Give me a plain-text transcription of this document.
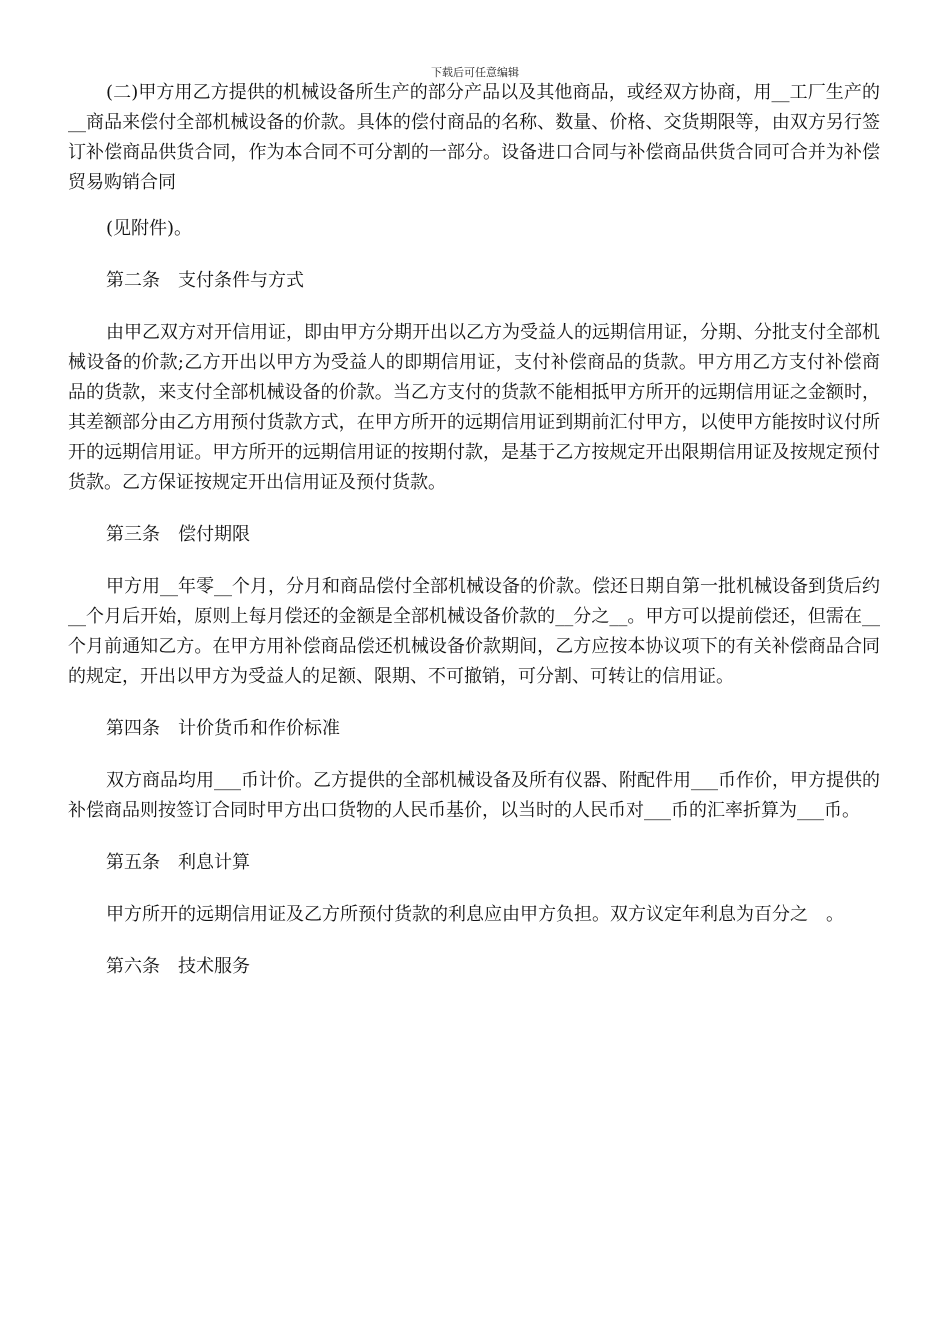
下载后可任意编辑

(二)甲方用乙方提供的机械设备所生产的部分产品以及其他商品，或经双方协商，用__工厂生产的__商品来偿付全部机械设备的价款。具体的偿付商品的名称、数量、价格、交货期限等，由双方另行签订补偿商品供货合同，作为本合同不可分割的一部分。设备进口合同与补偿商品供货合同可合并为补偿贸易购销合同

(见附件)。

第二条　支付条件与方式

由甲乙双方对开信用证，即由甲方分期开出以乙方为受益人的远期信用证，分期、分批支付全部机械设备的价款;乙方开出以甲方为受益人的即期信用证，支付补偿商品的货款。甲方用乙方支付补偿商品的货款，来支付全部机械设备的价款。当乙方支付的货款不能相抵甲方所开的远期信用证之金额时，其差额部分由乙方用预付货款方式，在甲方所开的远期信用证到期前汇付甲方，以使甲方能按时议付所开的远期信用证。甲方所开的远期信用证的按期付款，是基于乙方按规定开出限期信用证及按规定预付货款。乙方保证按规定开出信用证及预付货款。

第三条　偿付期限

甲方用__年零__个月，分月和商品偿付全部机械设备的价款。偿还日期自第一批机械设备到货后约__个月后开始，原则上每月偿还的金额是全部机械设备价款的__分之__。甲方可以提前偿还，但需在__个月前通知乙方。在甲方用补偿商品偿还机械设备价款期间，乙方应按本协议项下的有关补偿商品合同的规定，开出以甲方为受益人的足额、限期、不可撤销，可分割、可转让的信用证。

第四条　计价货币和作价标准

双方商品均用___币计价。乙方提供的全部机械设备及所有仪器、附配件用___币作价，甲方提供的补偿商品则按签订合同时甲方出口货物的人民币基价，以当时的人民币对___币的汇率折算为___币。

第五条　利息计算

甲方所开的远期信用证及乙方所预付货款的利息应由甲方负担。双方议定年利息为百分之　。

第六条　技术服务
